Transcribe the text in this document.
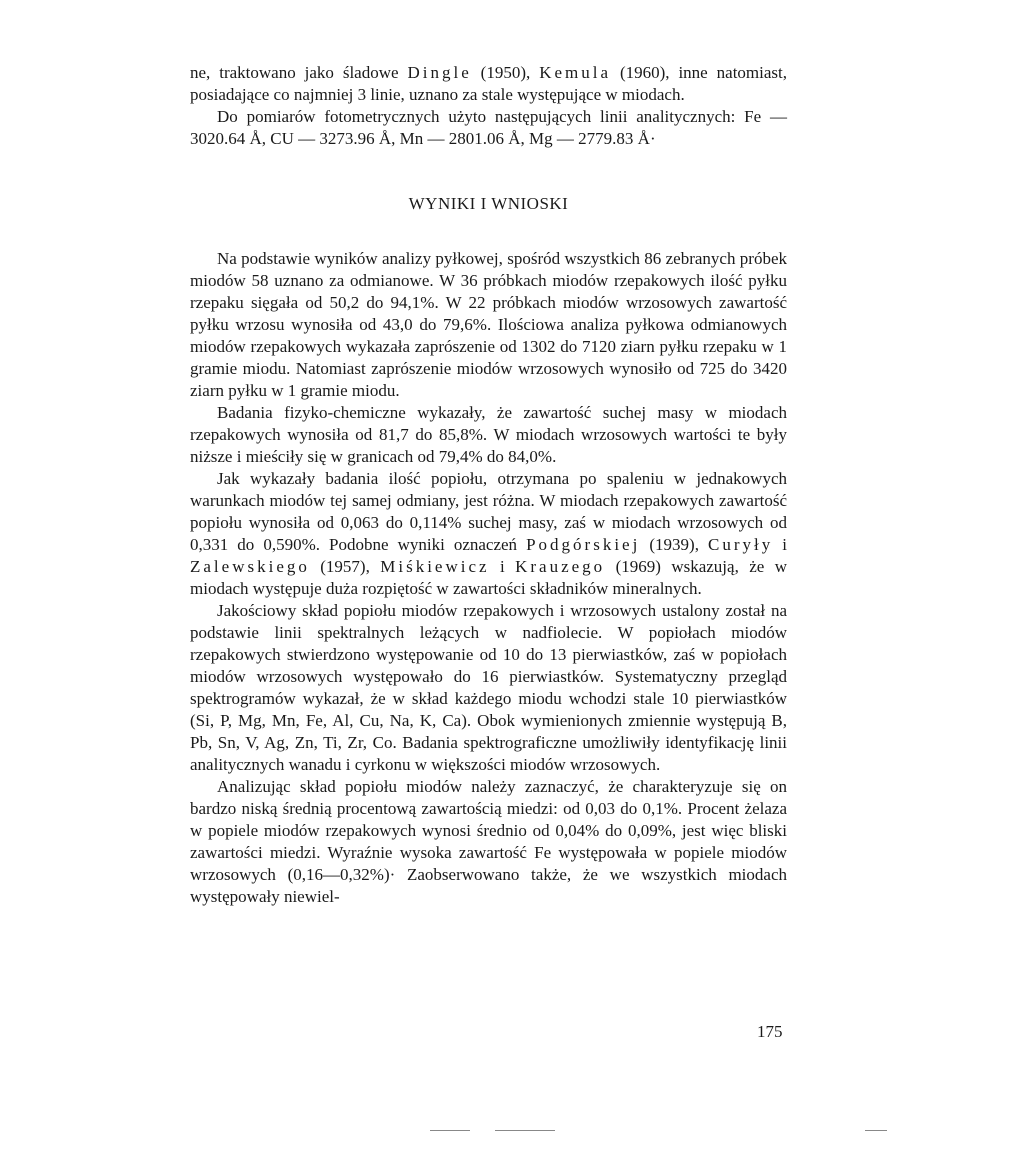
ne, traktowano jako śladowe Dingle (1950), Kemula (1960), inne natomiast, posiadające co najmniej 3 linie, uznano za stale występujące w miodach.

Do pomiarów fotometrycznych użyto następujących linii analitycznych: Fe — 3020.64 Å, CU — 3273.96 Å, Mn — 2801.06 Å, Mg — 2779.83 Å·

WYNIKI I WNIOSKI

Na podstawie wyników analizy pyłkowej, spośród wszystkich 86 zebranych próbek miodów 58 uznano za odmianowe. W 36 próbkach miodów rzepakowych ilość pyłku rzepaku sięgała od 50,2 do 94,1%. W 22 próbkach miodów wrzosowych zawartość pyłku wrzosu wynosiła od 43,0 do 79,6%. Ilościowa analiza pyłkowa odmianowych miodów rzepakowych wykazała zaprószenie od 1302 do 7120 ziarn pyłku rzepaku w 1 gramie miodu. Natomiast zaprószenie miodów wrzosowych wynosiło od 725 do 3420 ziarn pyłku w 1 gramie miodu.

Badania fizyko-chemiczne wykazały, że zawartość suchej masy w miodach rzepakowych wynosiła od 81,7 do 85,8%. W miodach wrzosowych wartości te były niższe i mieściły się w granicach od 79,4% do 84,0%.

Jak wykazały badania ilość popiołu, otrzymana po spaleniu w jednakowych warunkach miodów tej samej odmiany, jest różna. W miodach rzepakowych zawartość popiołu wynosiła od 0,063 do 0,114% suchej masy, zaś w miodach wrzosowych od 0,331 do 0,590%. Podobne wyniki oznaczeń Podgórskiej (1939), Curyły i Zalewskiego (1957), Miśkiewicz i Krauzego (1969) wskazują, że w miodach występuje duża rozpiętość w zawartości składników mineralnych.

Jakościowy skład popiołu miodów rzepakowych i wrzosowych ustalony został na podstawie linii spektralnych leżących w nadfiolecie. W popiołach miodów rzepakowych stwierdzono występowanie od 10 do 13 pierwiastków, zaś w popiołach miodów wrzosowych występowało do 16 pierwiastków. Systematyczny przegląd spektrogramów wykazał, że w skład każdego miodu wchodzi stale 10 pierwiastków (Si, P, Mg, Mn, Fe, Al, Cu, Na, K, Ca). Obok wymienionych zmiennie występują B, Pb, Sn, V, Ag, Zn, Ti, Zr, Co. Badania spektrograficzne umożliwiły identyfikację linii analitycznych wanadu i cyrkonu w większości miodów wrzosowych.

Analizując skład popiołu miodów należy zaznaczyć, że charakteryzuje się on bardzo niską średnią procentową zawartością miedzi: od 0,03 do 0,1%. Procent żelaza w popiele miodów rzepakowych wynosi średnio od 0,04% do 0,09%, jest więc bliski zawartości miedzi. Wyraźnie wysoka zawartość Fe występowała w popiele miodów wrzosowych (0,16—0,32%)· Zaobserwowano także, że we wszystkich miodach występowały niewiel-

175
